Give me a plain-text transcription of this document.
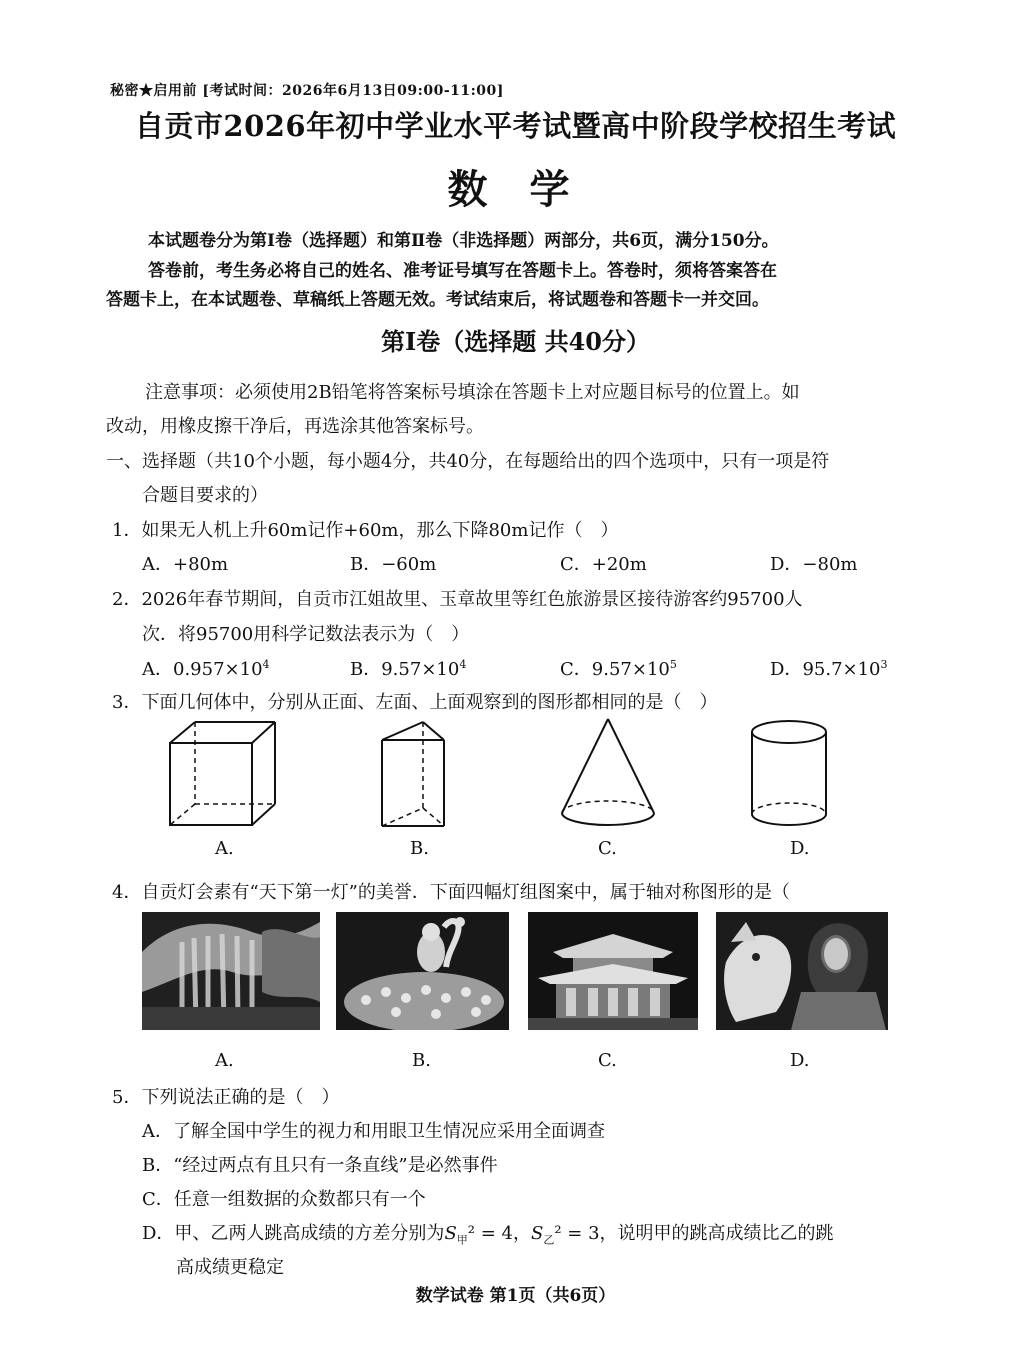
秘密★启用前 [考试时间：2026年6月13日09:00-11:00]
自贡市2026年初中学业水平考试暨高中阶段学校招生考试
数 学
本试题卷分为第Ⅰ卷（选择题）和第Ⅱ卷（非选择题）两部分，共6页，满分150分。
答卷前，考生务必将自己的姓名、准考证号填写在答题卡上。答卷时，须将答案答在
答题卡上，在本试题卷、草稿纸上答题无效。考试结束后，将试题卷和答题卡一并交回。
第Ⅰ卷（选择题 共40分）
注意事项：必须使用2B铅笔将答案标号填涂在答题卡上对应题目标号的位置上。如
改动，用橡皮擦干净后，再选涂其他答案标号。
一、选择题（共10个小题，每小题4分，共40分，在每题给出的四个选项中，只有一项是符
合题目要求的）
1．如果无人机上升60m记作+60m，那么下降80m记作（　）
A．+80m	B．−60m	C．+20m	D．−80m
2．2026年春节期间，自贡市江姐故里、玉章故里等红色旅游景区接待游客约95700人
次．将95700用科学记数法表示为（　）
A．$0.957\times 10^4$	B．$9.57\times 10^4$	C．$9.57\times 10^5$	D．$95.7\times 10^3$
3．下面几何体中，分别从正面、左面、上面观察到的图形都相同的是（　）
A.	B.	C.	D.
4．自贡灯会素有“天下第一灯”的美誉．下面四幅灯组图案中，属于轴对称图形的是（
A.	B.	C.	D.
5．下列说法正确的是（　）
A．了解全国中学生的视力和用眼卫生情况应采用全面调查
B．“经过两点有且只有一条直线”是必然事件
C．任意一组数据的众数都只有一个
D．甲、乙两人跳高成绩的方差分别为$S_甲^2 = 4$，$S_乙^2 = 3$，说明甲的跳高成绩比乙的跳
高成绩更稳定
数学试卷 第1页（共6页）
